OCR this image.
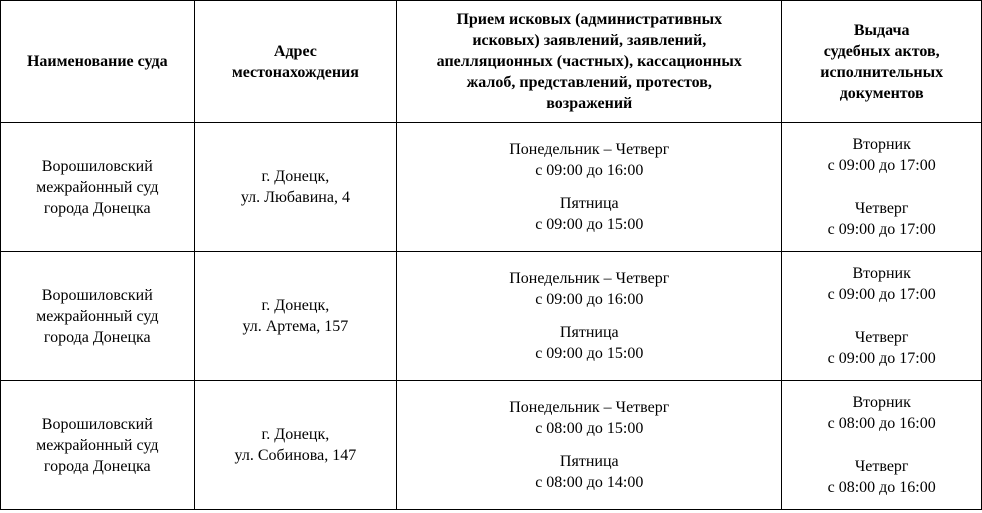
Наименование суда	Адрес
местонахождения	Прием исковых (административных
исковых) заявлений, заявлений,
апелляционных (частных), кассационных
жалоб, представлений, протестов,
возражений	Выдача
судебных актов,
исполнительных
документов

Ворошиловский
межрайонный суд
города Донецка	г. Донецк,
ул. Любавина, 4	Понедельник – Четверг
с 09:00 до 16:00
Пятница
с 09:00 до 15:00	Вторник
с 09:00 до 17:00
Четверг
с 09:00 до 17:00

Ворошиловский
межрайонный суд
города Донецка	г. Донецк,
ул. Артема, 157	Понедельник – Четверг
с 09:00 до 16:00
Пятница
с 09:00 до 15:00	Вторник
с 09:00 до 17:00
Четверг
с 09:00 до 17:00

Ворошиловский
межрайонный суд
города Донецка	г. Донецк,
ул. Собинова, 147	Понедельник – Четверг
с 08:00 до 15:00
Пятница
с 08:00 до 14:00	Вторник
с 08:00 до 16:00
Четверг
с 08:00 до 16:00
